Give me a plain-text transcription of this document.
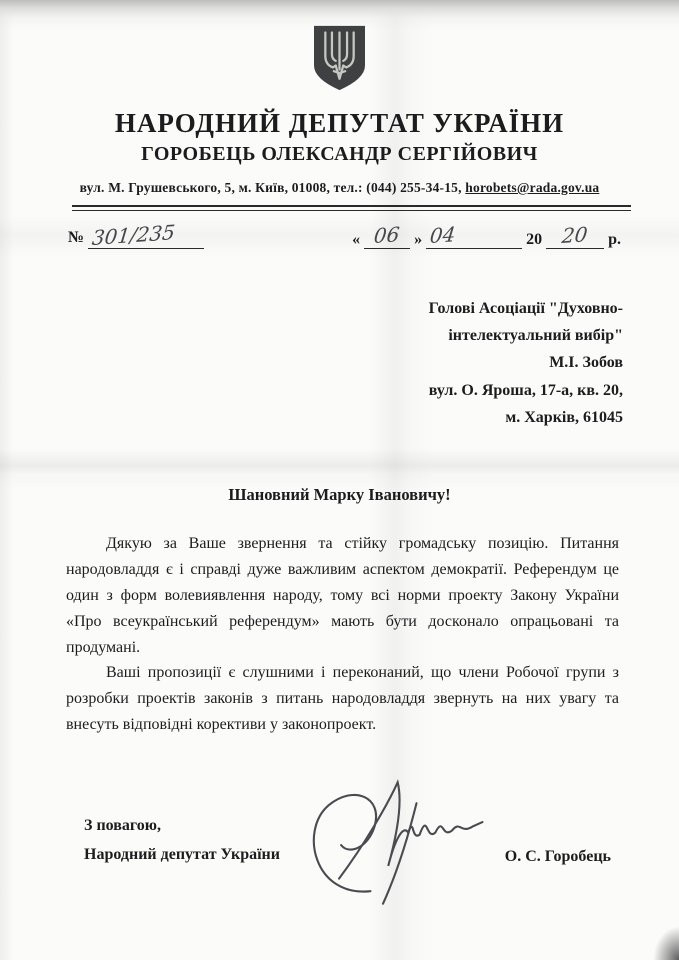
НАРОДНИЙ ДЕПУТАТ УКРАЇНИ
ГОРОБЕЦЬ ОЛЕКСАНДР СЕРГІЙОВИЧ
вул. М. Грушевського, 5, м. Київ, 01008, тел.: (044) 255-34-15, horobets@rada.gov.ua
№ 301/235	« 06 » 04	20 20	р.
Голові Асоціації "Духовно-
інтелектуальний вибір"
М.І. Зобов
вул. О. Яроша, 17-а, кв. 20,
м. Харків, 61045
Шановний Марку Івановичу!

Дякую за Ваше звернення та стійку громадську позицію. Питання народовладдя є і справді дуже важливим аспектом демократії. Референдум це один з форм волевиявлення народу, тому всі норми проекту Закону України «Про всеукраїнський референдум» мають бути досконало опрацьовані та продумані.

Ваші пропозиції є слушними і переконаний, що члени Робочої групи з розробки проектів законів з питань народовладдя звернуть на них увагу та внесуть відповідні корективи у законопроект.

З повагою,
Народний депутат України	О. С. Горобець
